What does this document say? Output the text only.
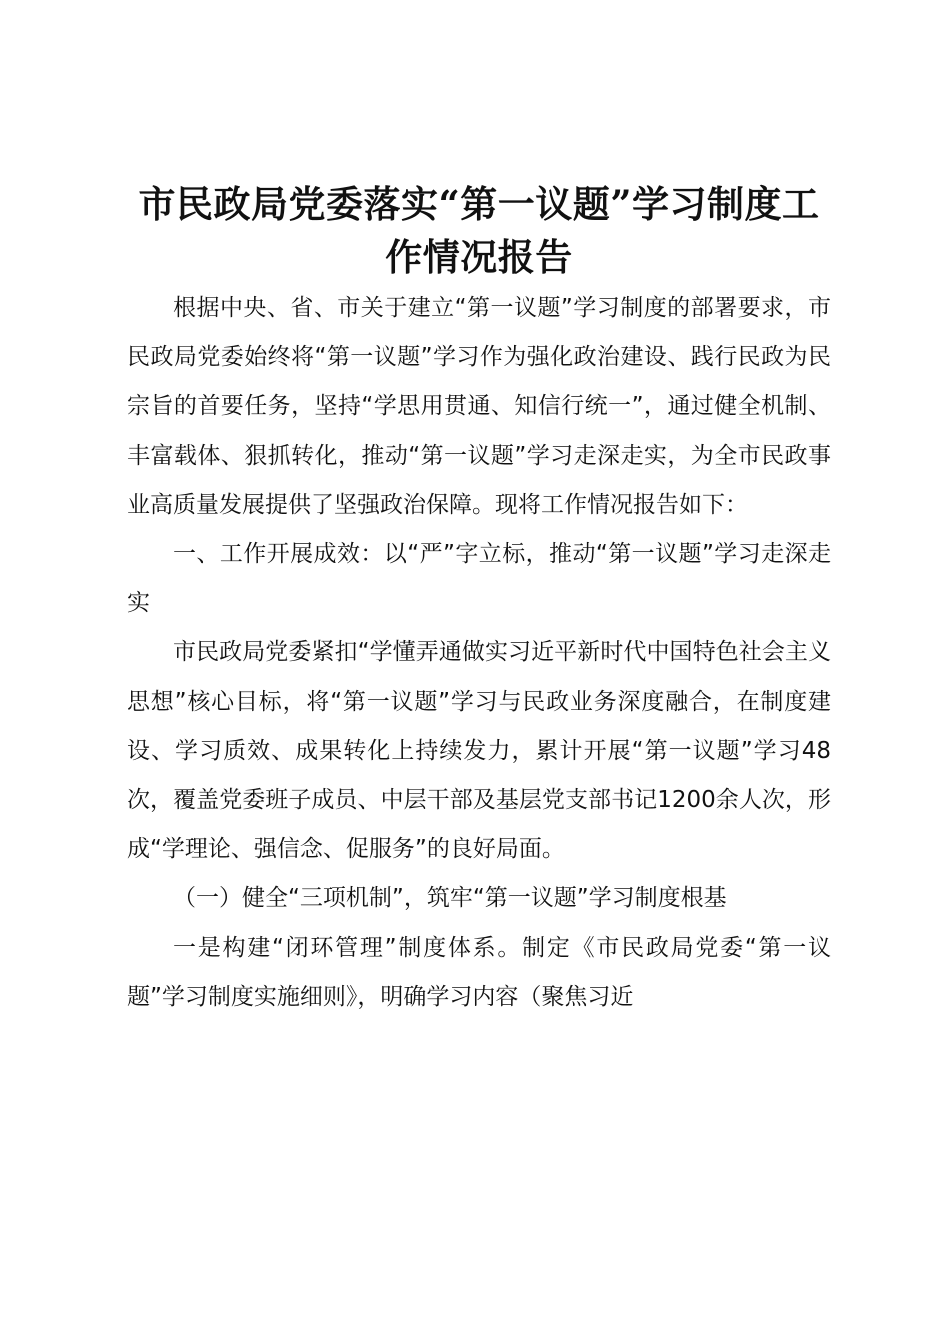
市民政局党委落实“第一议题”学习制度工作情况报告

根据中央、省、市关于建立“第一议题”学习制度的部署要求，市民政局党委始终将“第一议题”学习作为强化政治建设、践行民政为民宗旨的首要任务，坚持“学思用贯通、知信行统一”，通过健全机制、丰富载体、狠抓转化，推动“第一议题”学习走深走实，为全市民政事业高质量发展提供了坚强政治保障。现将工作情况报告如下：

一、工作开展成效：以“严”字立标，推动“第一议题”学习走深走实

市民政局党委紧扣“学懂弄通做实习近平新时代中国特色社会主义思想”核心目标，将“第一议题”学习与民政业务深度融合，在制度建设、学习质效、成果转化上持续发力，累计开展“第一议题”学习48次，覆盖党委班子成员、中层干部及基层党支部书记1200余人次，形成“学理论、强信念、促服务”的良好局面。

（一）健全“三项机制”，筑牢“第一议题”学习制度根基

一是构建“闭环管理”制度体系。制定《市民政局党委“第一议题”学习制度实施细则》，明确学习内容（聚焦习近
